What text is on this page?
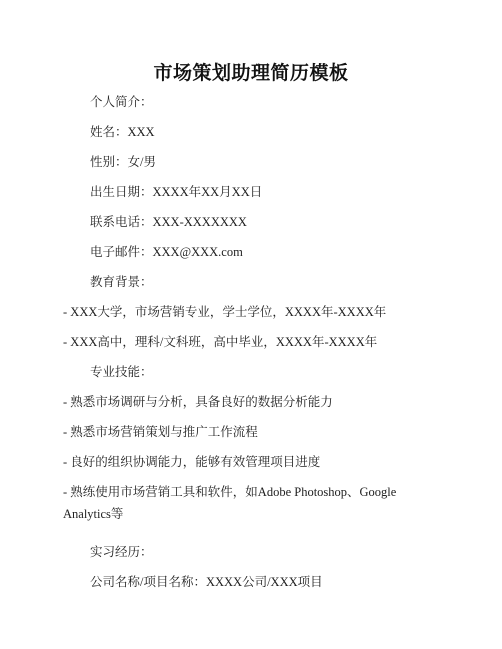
市场策划助理简历模板
个人简介：
姓名：XXX
性别：女/男
出生日期：XXXX年XX月XX日
联系电话：XXX-XXXXXXX
电子邮件：XXX@XXX.com
教育背景：
- XXX大学，市场营销专业，学士学位，XXXX年-XXXX年
- XXX高中，理科/文科班，高中毕业，XXXX年-XXXX年
专业技能：
- 熟悉市场调研与分析，具备良好的数据分析能力
- 熟悉市场营销策划与推广工作流程
- 良好的组织协调能力，能够有效管理项目进度
- 熟练使用市场营销工具和软件，如Adobe Photoshop、Google
Analytics等
实习经历：
公司名称/项目名称：XXXX公司/XXX项目
